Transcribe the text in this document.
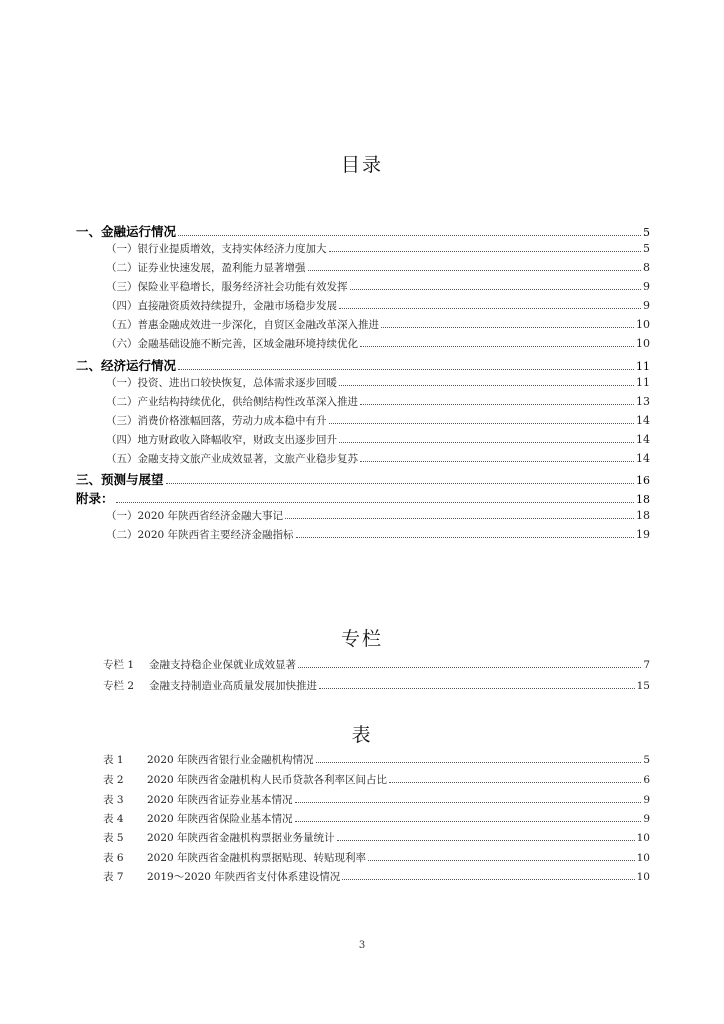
目录
一、金融运行情况	5
（一）银行业提质增效，支持实体经济力度加大	5
（二）证券业快速发展，盈利能力显著增强	8
（三）保险业平稳增长，服务经济社会功能有效发挥	9
（四）直接融资质效持续提升，金融市场稳步发展	9
（五）普惠金融成效进一步深化，自贸区金融改革深入推进	10
（六）金融基础设施不断完善，区域金融环境持续优化	10
二、经济运行情况	11
（一）投资、进出口较快恢复，总体需求逐步回暖	11
（二）产业结构持续优化，供给侧结构性改革深入推进	13
（三）消费价格涨幅回落，劳动力成本稳中有升	14
（四）地方财政收入降幅收窄，财政支出逐步回升	14
（五）金融支持文旅产业成效显著，文旅产业稳步复苏	14
三、预测与展望	16
附录：	18
（一）2020 年陕西省经济金融大事记	18
（二）2020 年陕西省主要经济金融指标	19
专栏
专栏 1	金融支持稳企业保就业成效显著	7
专栏 2	金融支持制造业高质量发展加快推进	15
表
表 1	2020 年陕西省银行业金融机构情况	5
表 2	2020 年陕西省金融机构人民币贷款各利率区间占比	6
表 3	2020 年陕西省证券业基本情况	9
表 4	2020 年陕西省保险业基本情况	9
表 5	2020 年陕西省金融机构票据业务量统计	10
表 6	2020 年陕西省金融机构票据贴现、转贴现利率	10
表 7	2019～2020 年陕西省支付体系建设情况	10
3
